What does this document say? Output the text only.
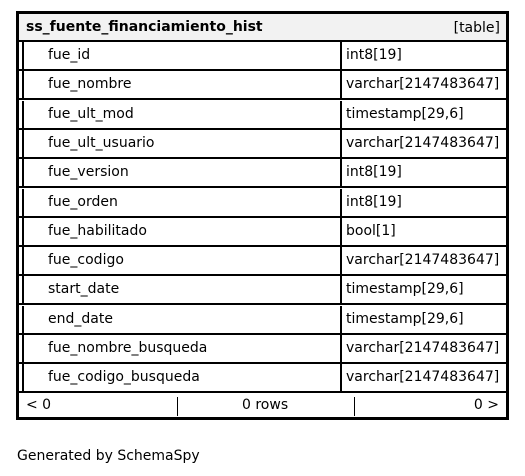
ss_fuente_financiamiento_hist	[table]
fue_id	int8[19]
fue_nombre	varchar[2147483647]
fue_ult_mod	timestamp[29,6]
fue_ult_usuario	varchar[2147483647]
fue_version	int8[19]
fue_orden	int8[19]
fue_habilitado	bool[1]
fue_codigo	varchar[2147483647]
start_date	timestamp[29,6]
end_date	timestamp[29,6]
fue_nombre_busqueda	varchar[2147483647]
fue_codigo_busqueda	varchar[2147483647]
< 0	0 rows	0 >
Generated by SchemaSpy
